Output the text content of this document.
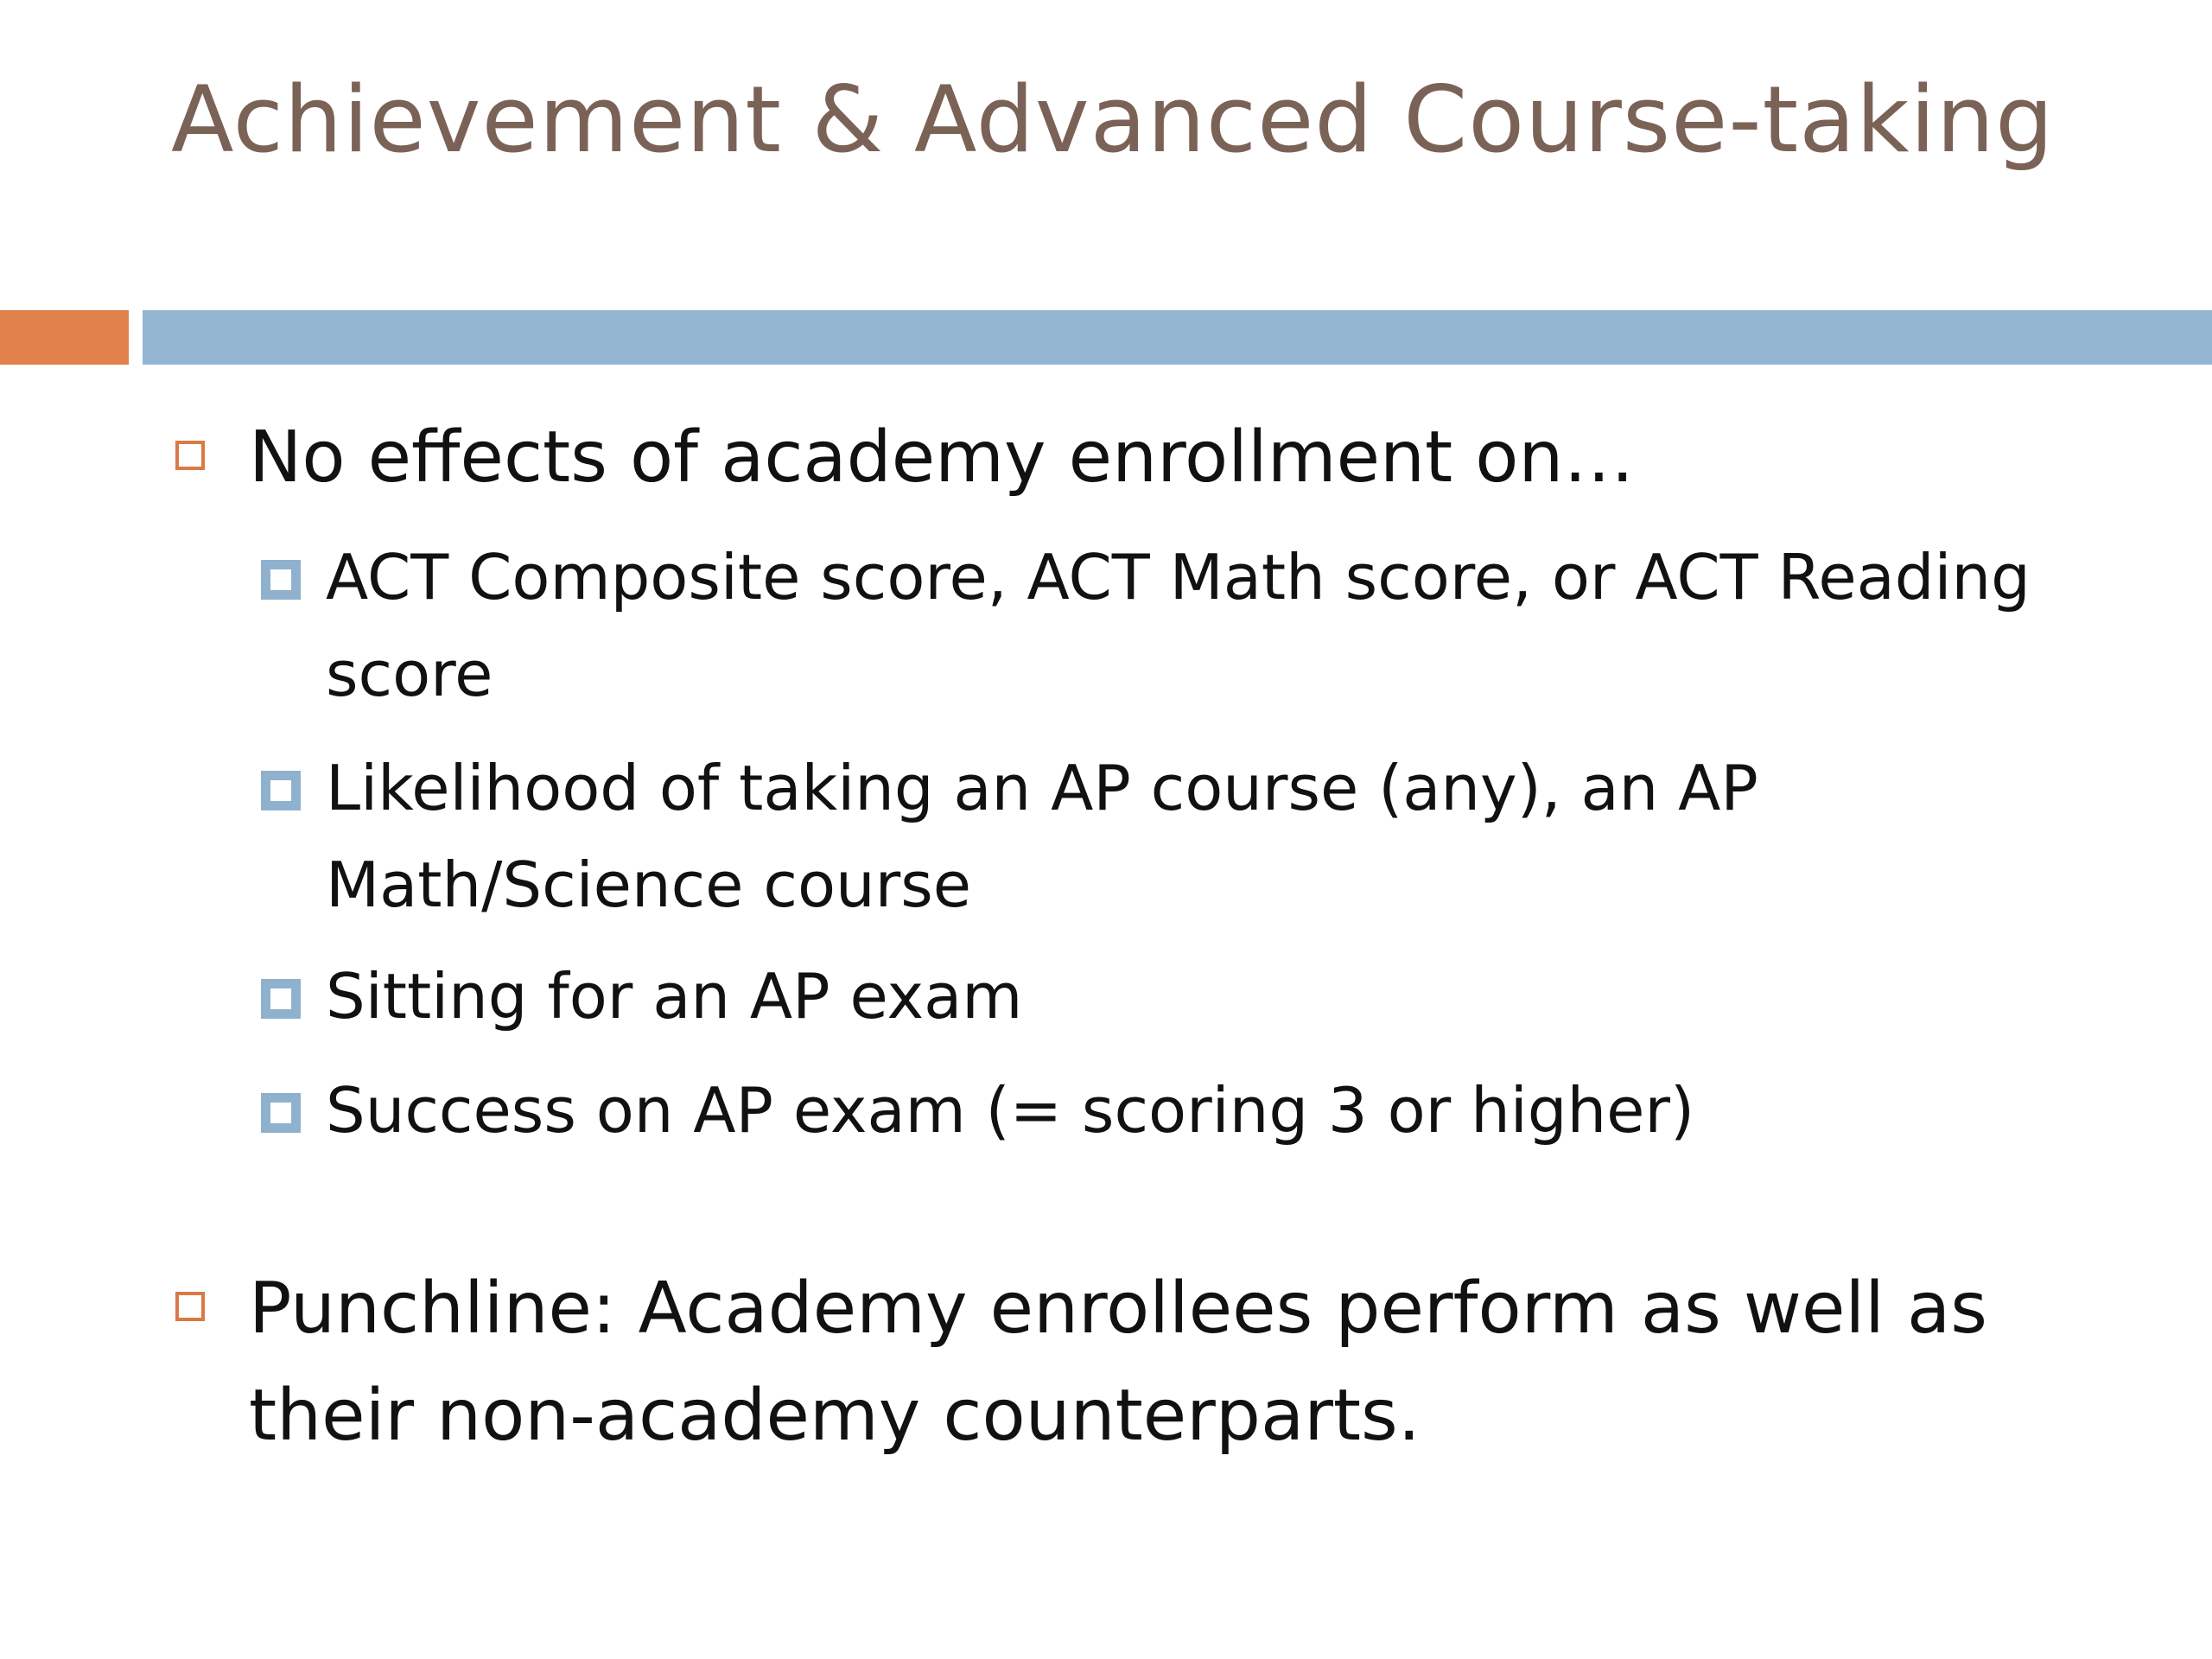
Achievement & Advanced Course-taking
No effects of academy enrollment on…
ACT Composite score, ACT Math score, or ACT Reading score
Likelihood of taking an AP course (any), an AP Math/Science course
Sitting for an AP exam
Success on AP exam (= scoring 3 or higher)
Punchline: Academy enrollees perform as well as their non-academy counterparts.
